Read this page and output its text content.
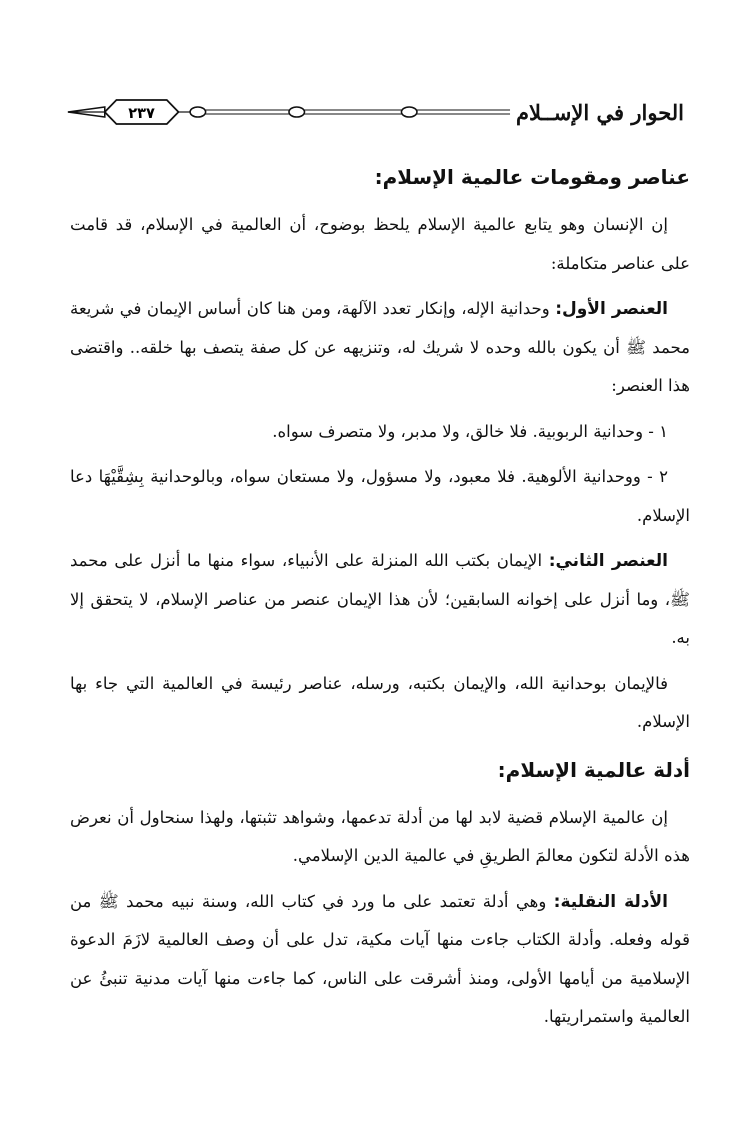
٢٣٧	الحوار في الإســلام
عناصر ومقومات عالمية الإسلام:

إن الإنسان وهو يتابع عالمية الإسلام يلحظ بوضوح، أن العالمية في الإسلام، قد قامت على عناصر متكاملة:

العنصر الأول: وحدانية الإله، وإنكار تعدد الآلهة، ومن هنا كان أساس الإيمان في شريعة محمد ﷺ أن يكون بالله وحده لا شريك له، وتنزيهه عن كل صفة يتصف بها خلقه.. واقتضى هذا العنصر:

١ - وحدانية الربوبية. فلا خالق، ولا مدبر، ولا متصرف سواه.

٢ - ووحدانية الألوهية. فلا معبود، ولا مسؤول، ولا مستعان سواه، وبالوحدانية بِشِقَّيْهَا دعا الإسلام.

العنصر الثاني: الإيمان بكتب الله المنزلة على الأنبياء، سواء منها ما أنزل على محمد ﷺ، وما أنزل على إخوانه السابقين؛ لأن هذا الإيمان عنصر من عناصر الإسلام، لا يتحقق إلا به.

فالإيمان بوحدانية الله، والإيمان بكتبه، ورسله، عناصر رئيسة في العالمية التي جاء بها الإسلام.

أدلة عالمية الإسلام:

إن عالمية الإسلام قضية لابد لها من أدلة تدعمها، وشواهد تثبتها، ولهذا سنحاول أن نعرض هذه الأدلة لتكون معالمَ الطريقِ في عالمية الدين الإسلامي.

الأدلة النقلية: وهي أدلة تعتمد على ما ورد في كتاب الله، وسنة نبيه محمد ﷺ من قوله وفعله. وأدلة الكتاب جاءت منها آيات مكية، تدل على أن وصف العالمية لازَمَ الدعوة الإسلامية من أيامها الأولى، ومنذ أشرقت على الناس، كما جاءت منها آيات مدنية تنبئُ عن العالمية واستمراريتها.
